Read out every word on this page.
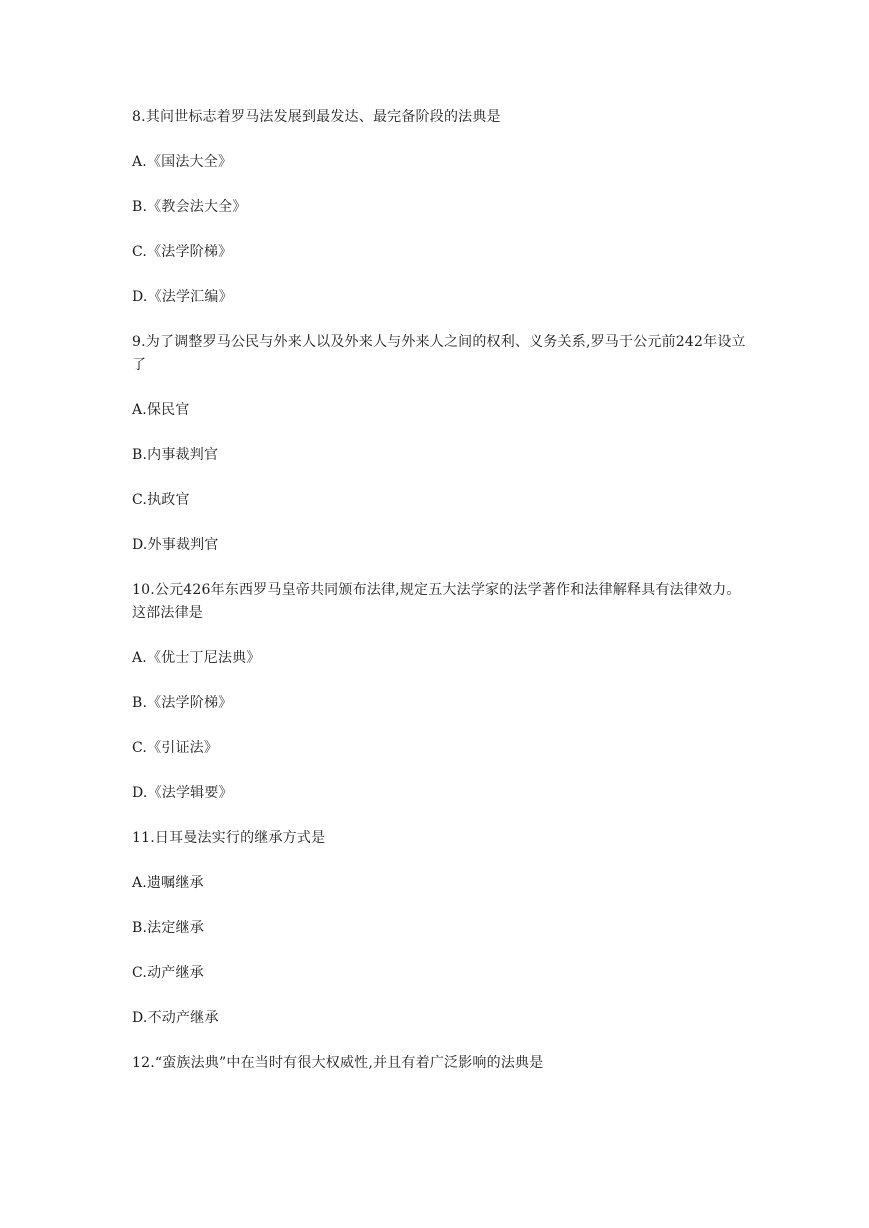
8.其问世标志着罗马法发展到最发达、最完备阶段的法典是

A.《国法大全》

B.《教会法大全》

C.《法学阶梯》

D.《法学汇编》

9.为了调整罗马公民与外来人以及外来人与外来人之间的权利、义务关系,罗马于公元前242年设立了

A.保民官

B.内事裁判官

C.执政官

D.外事裁判官

10.公元426年东西罗马皇帝共同颁布法律,规定五大法学家的法学著作和法律解释具有法律效力。这部法律是

A.《优士丁尼法典》

B.《法学阶梯》

C.《引证法》

D.《法学辑要》

11.日耳曼法实行的继承方式是

A.遗嘱继承

B.法定继承

C.动产继承

D.不动产继承

12.“蛮族法典”中在当时有很大权威性,并且有着广泛影响的法典是
